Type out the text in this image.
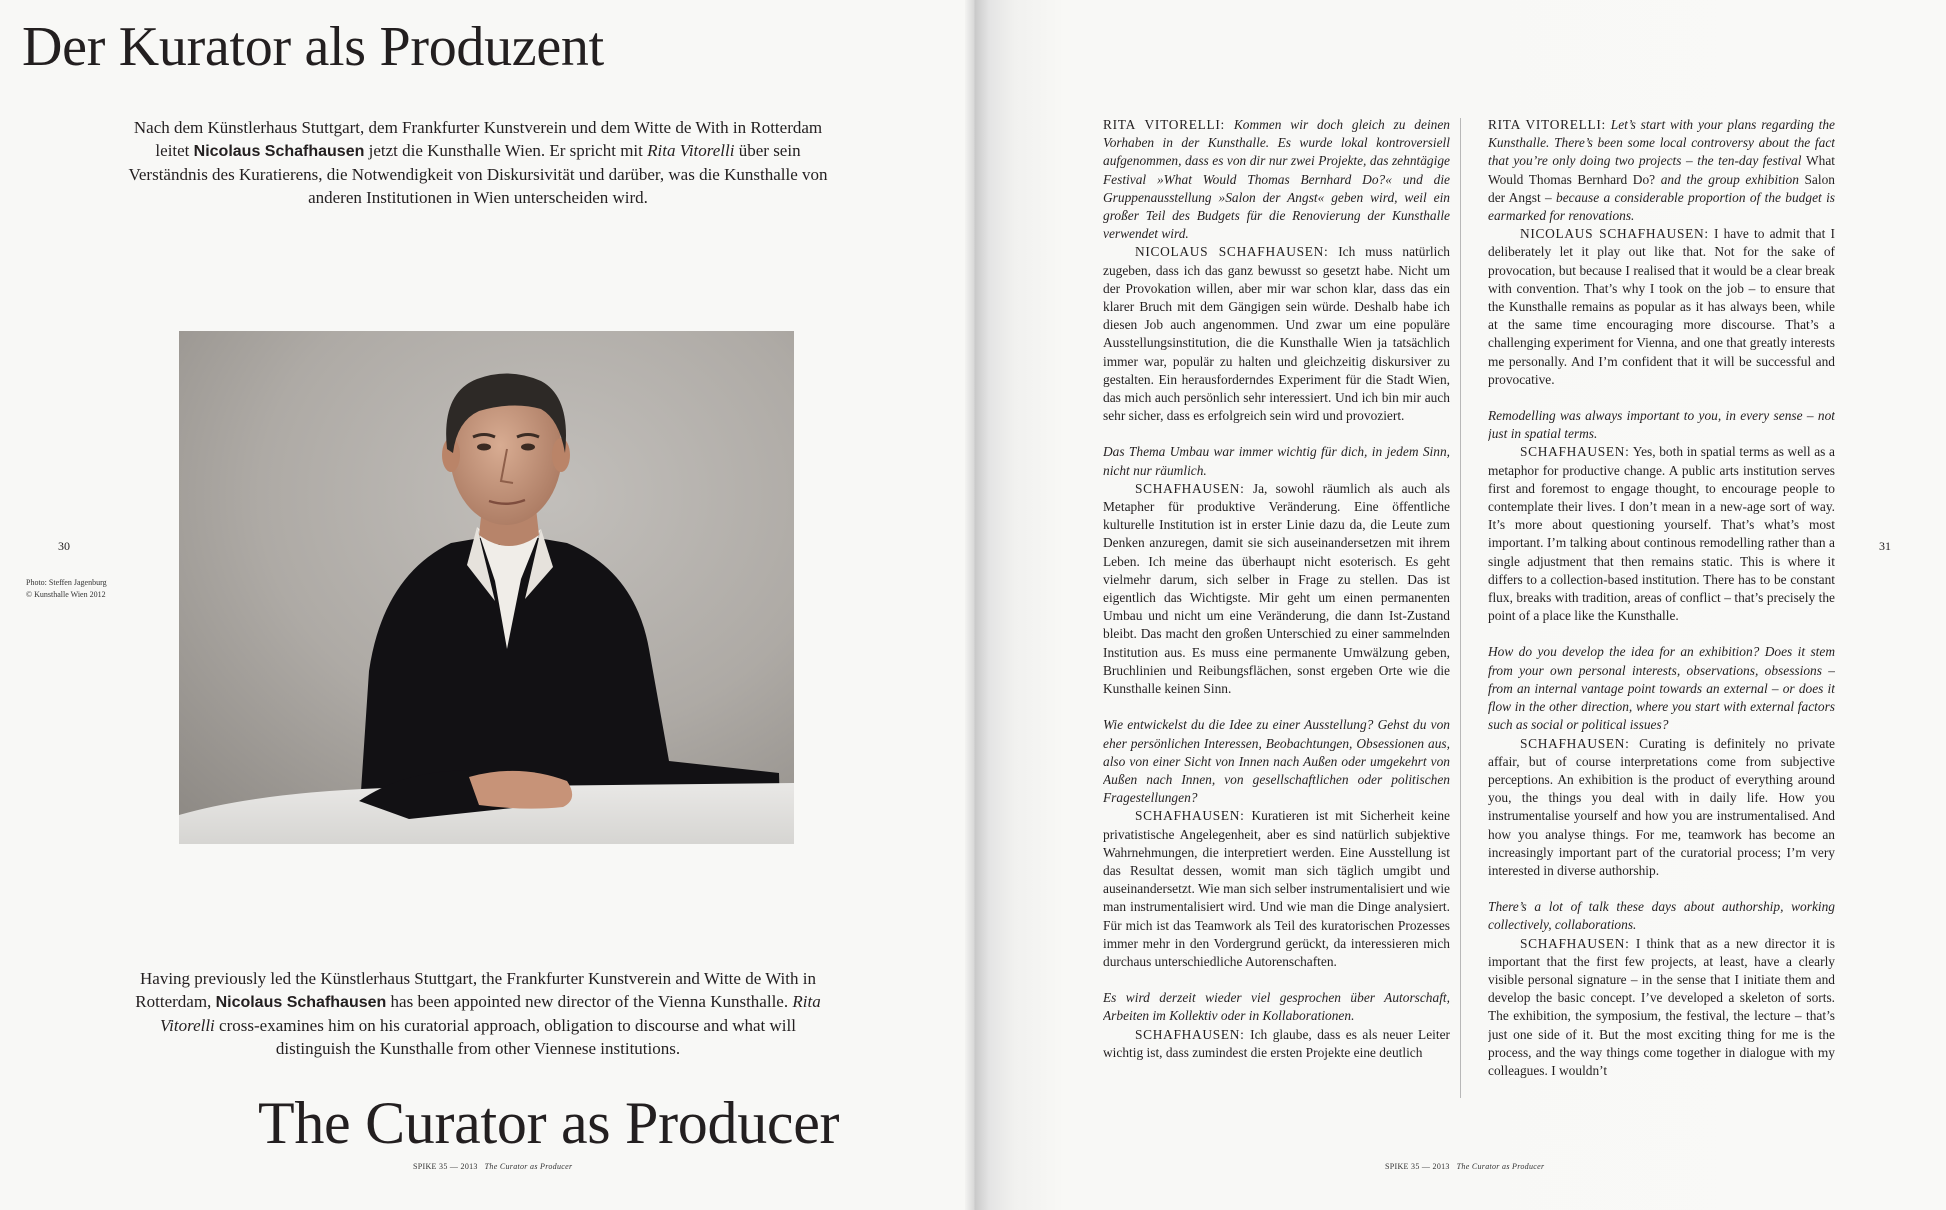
Der Kurator als Produzent

Nach dem Künstlerhaus Stuttgart, dem Frankfurter Kunstverein und dem Witte de With in Rotterdam leitet Nicolaus Schafhausen jetzt die Kunsthalle Wien. Er spricht mit Rita Vitorelli über sein Verständnis des Kuratierens, die Notwendigkeit von Diskursivität und darüber, was die Kunsthalle von anderen Institutionen in Wien unterscheiden wird.

30
Photo: Steffen Jagenburg
© Kunsthalle Wien 2012

Having previously led the Künstlerhaus Stuttgart, the Frankfurter Kunstverein and Witte de With in Rotterdam, Nicolaus Schafhausen has been appointed new director of the Vienna Kunsthalle. Rita Vitorelli cross-examines him on his curatorial approach, obligation to discourse and what will distinguish the Kunsthalle from other Viennese institutions.

The Curator as Producer
SPIKE 35 — 2013 The Curator as Producer
31
SPIKE 35 — 2013 The Curator as Producer

RITA VITORELLI: Kommen wir doch gleich zu deinen Vorhaben in der Kunsthalle. Es wurde lokal kontroversiell aufgenommen, dass es von dir nur zwei Projekte, das zehntägige Festival »What Would Thomas Bernhard Do?« und die Gruppenausstellung »Salon der Angst« geben wird, weil ein großer Teil des Budgets für die Renovierung der Kunsthalle verwendet wird.

NICOLAUS SCHAFHAUSEN: Ich muss natürlich zugeben, dass ich das ganz bewusst so gesetzt habe. Nicht um der Provokation willen, aber mir war schon klar, dass das ein klarer Bruch mit dem Gängigen sein würde. Deshalb habe ich diesen Job auch angenommen. Und zwar um eine populäre Ausstellungsinstitution, die die Kunsthalle Wien ja tatsächlich immer war, populär zu halten und gleichzeitig diskursiver zu gestalten. Ein herausforderndes Experiment für die Stadt Wien, das mich auch persönlich sehr interessiert. Und ich bin mir auch sehr sicher, dass es erfolgreich sein wird und provoziert.

Das Thema Umbau war immer wichtig für dich, in jedem Sinn, nicht nur räumlich.

SCHAFHAUSEN: Ja, sowohl räumlich als auch als Metapher für produktive Veränderung. Eine öffentliche kulturelle Institution ist in erster Linie dazu da, die Leute zum Denken anzuregen, damit sie sich auseinandersetzen mit ihrem Leben. Ich meine das überhaupt nicht esoterisch. Es geht vielmehr darum, sich selber in Frage zu stellen. Das ist eigentlich das Wichtigste. Mir geht um einen permanenten Umbau und nicht um eine Veränderung, die dann Ist-Zustand bleibt. Das macht den großen Unterschied zu einer sammelnden Institution aus. Es muss eine permanente Umwälzung geben, Bruchlinien und Reibungsflächen, sonst ergeben Orte wie die Kunsthalle keinen Sinn.

Wie entwickelst du die Idee zu einer Ausstellung? Gehst du von eher persönlichen Interessen, Beobachtungen, Obsessionen aus, also von einer Sicht von Innen nach Außen oder umgekehrt von Außen nach Innen, von gesellschaftlichen oder politischen Fragestellungen?

SCHAFHAUSEN: Kuratieren ist mit Sicherheit keine privatistische Angelegenheit, aber es sind natürlich subjektive Wahrnehmungen, die interpretiert werden. Eine Ausstellung ist das Resultat dessen, womit man sich täglich umgibt und auseinandersetzt. Wie man sich selber instrumentalisiert und wie man instrumentalisiert wird. Und wie man die Dinge analysiert. Für mich ist das Teamwork als Teil des kuratorischen Prozesses immer mehr in den Vordergrund gerückt, da interessieren mich durchaus unterschiedliche Autorenschaften.

Es wird derzeit wieder viel gesprochen über Autorschaft, Arbeiten im Kollektiv oder in Kollaborationen.

SCHAFHAUSEN: Ich glaube, dass es als neuer Leiter wichtig ist, dass zumindest die ersten Projekte eine deutlich

RITA VITORELLI: Let’s start with your plans regarding the Kunsthalle. There’s been some local controversy about the fact that you’re only doing two projects – the ten-day festival What Would Thomas Bernhard Do? and the group exhibition Salon der Angst – because a considerable proportion of the budget is earmarked for renovations.

NICOLAUS SCHAFHAUSEN: I have to admit that I deliberately let it play out like that. Not for the sake of provocation, but because I realised that it would be a clear break with convention. That’s why I took on the job – to ensure that the Kunsthalle remains as popular as it has always been, while at the same time encouraging more discourse. That’s a challenging experiment for Vienna, and one that greatly interests me personally. And I’m confident that it will be successful and provocative.

Remodelling was always important to you, in every sense – not just in spatial terms.

SCHAFHAUSEN: Yes, both in spatial terms as well as a metaphor for productive change. A public arts institution serves first and foremost to engage thought, to encourage people to contemplate their lives. I don’t mean in a new-age sort of way. It’s more about questioning yourself. That’s what’s most important. I’m talking about continous remodelling rather than a single adjustment that then remains static. This is where it differs to a collection-based institution. There has to be constant flux, breaks with tradition, areas of conflict – that’s precisely the point of a place like the Kunsthalle.

How do you develop the idea for an exhibition? Does it stem from your own personal interests, observations, obsessions – from an internal vantage point towards an external – or does it flow in the other direction, where you start with external factors such as social or political issues?

SCHAFHAUSEN: Curating is definitely no private affair, but of course interpretations come from subjective perceptions. An exhibition is the product of everything around you, the things you deal with in daily life. How you instrumentalise yourself and how you are instrumentalised. And how you analyse things. For me, teamwork has become an increasingly important part of the curatorial process; I’m very interested in diverse authorship.

There’s a lot of talk these days about authorship, working collectively, collaborations.

SCHAFHAUSEN: I think that as a new director it is important that the first few projects, at least, have a clearly visible personal signature – in the sense that I initiate them and develop the basic concept. I’ve developed a skeleton of sorts. The exhibition, the symposium, the festival, the lecture – that’s just one side of it. But the most exciting thing for me is the process, and the way things come together in dialogue with my colleagues. I wouldn’t
